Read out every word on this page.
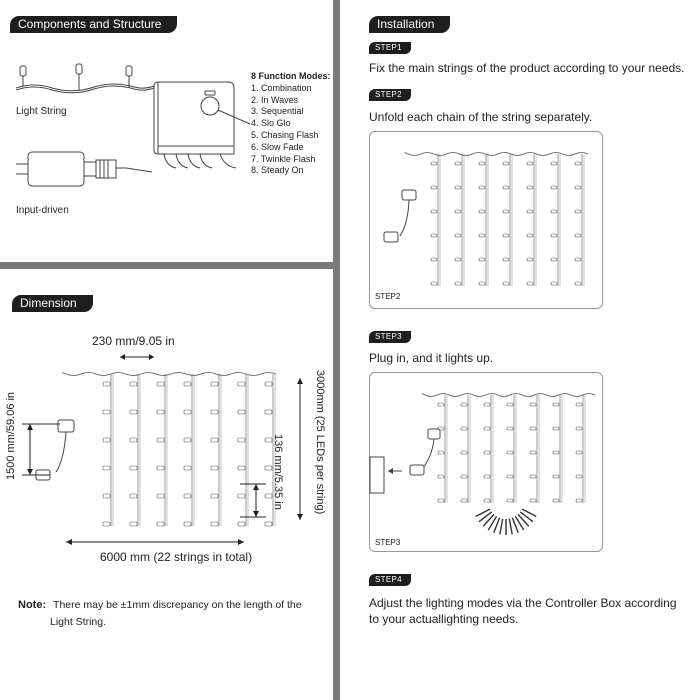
Components and Structure
Light String
Input-driven
8 Function Modes:
1. Combination
2. In Waves
3. Sequential
4. Slo Glo
5. Chasing Flash
6. Slow Fade
7. Twinkle Flash
8. Steady On
Dimension
230 mm/9.05 in
1500 mm/59.06 in	3000mm (25 LEDs per string)
136 mm/5.35 in
6000 mm (22 strings in total)
Note: There may be ±1mm discrepancy on the length of the
Light String.
Installation
STEP1
Fix the main strings of the product according to your needs.
STEP2
Unfold each chain of the string separately.
STEP2
STEP3
Plug in, and it lights up.
STEP3
STEP4
Adjust the lighting modes via the Controller Box according
to your actuallighting needs.
